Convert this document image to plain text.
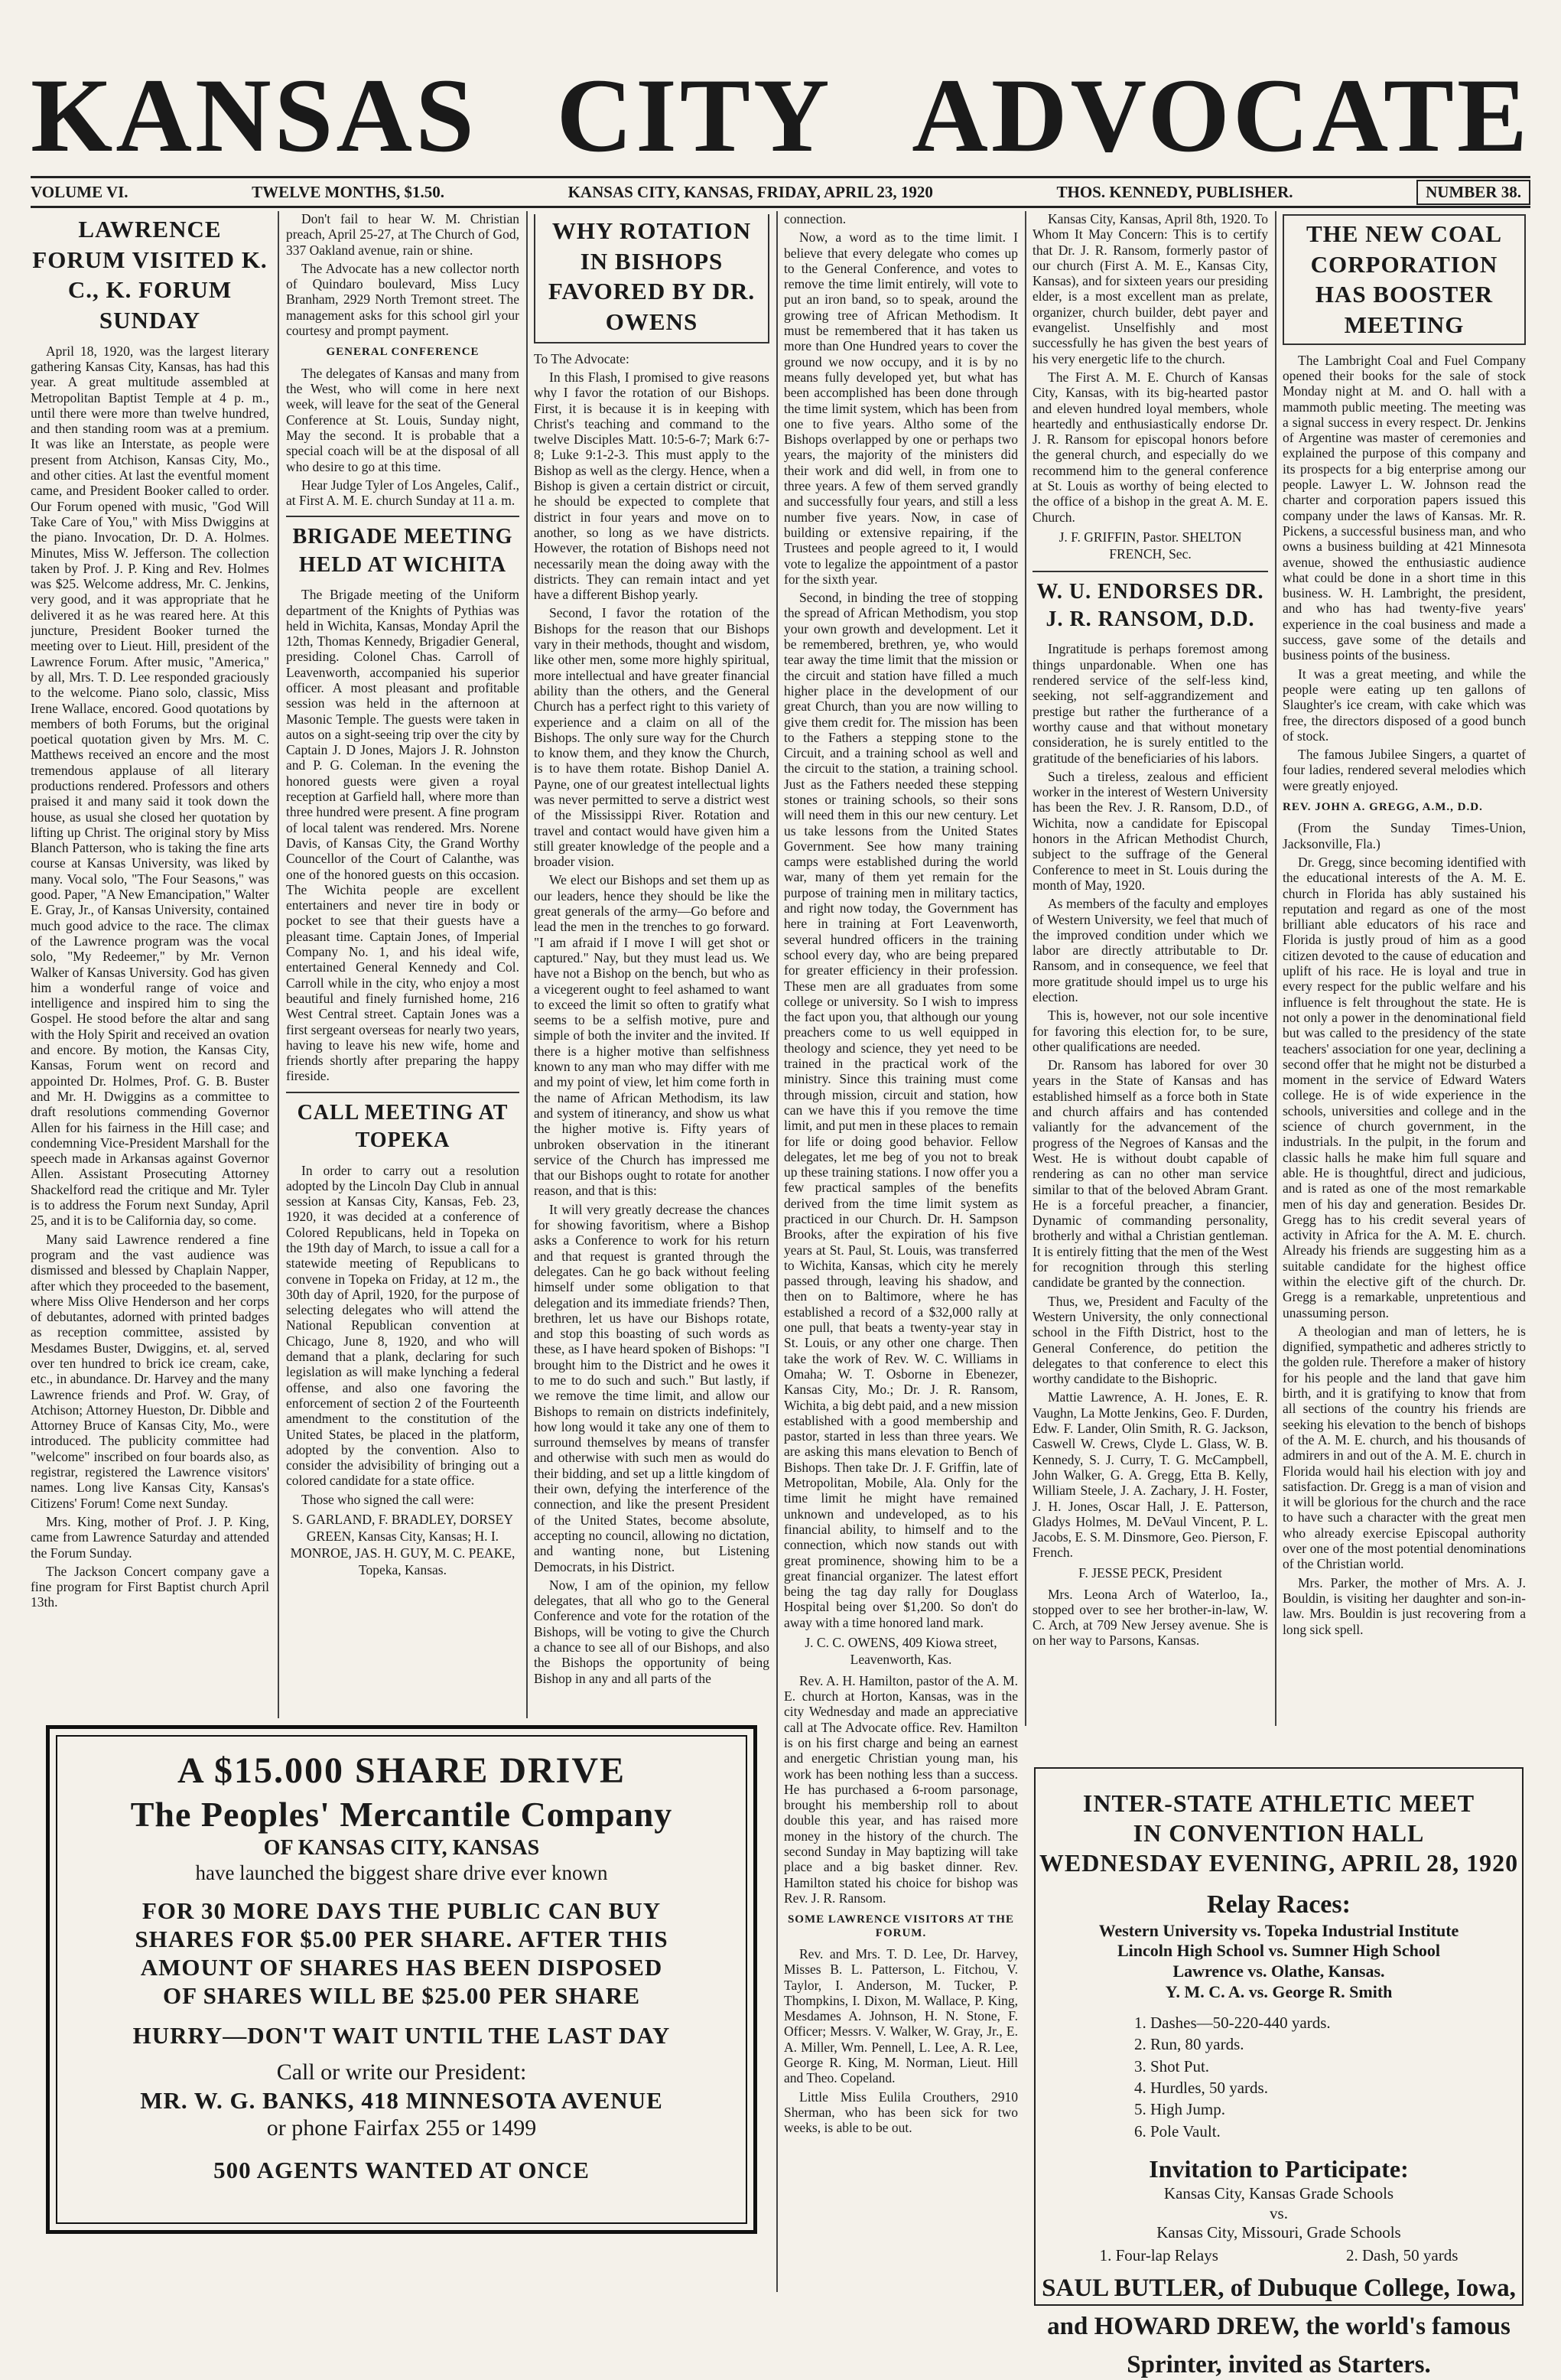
KANSAS CITY ADVOCATE
VOLUME VI.	TWELVE MONTHS, $1.50.	KANSAS CITY, KANSAS, FRIDAY, APRIL 23, 1920	THOS. KENNEDY, PUBLISHER.	NUMBER 38.
LAWRENCE FORUM VISITED K. C., K. FORUM SUNDAY

April 18, 1920, was the largest literary gathering Kansas City, Kansas, has had this year. A great multitude assembled at Metropolitan Baptist Temple at 4 p. m., until there were more than twelve hundred, and then standing room was at a premium. It was like an Interstate, as people were present from Atchison, Kansas City, Mo., and other cities. At last the eventful moment came, and President Booker called to order. Our Forum opened with music, "God Will Take Care of You," with Miss Dwiggins at the piano. Invocation, Dr. D. A. Holmes. Minutes, Miss W. Jefferson. The collection taken by Prof. J. P. King and Rev. Holmes was $25. Welcome address, Mr. C. Jenkins, very good, and it was appropriate that he delivered it as he was reared here. At this juncture, President Booker turned the meeting over to Lieut. Hill, president of the Lawrence Forum. After music, "America," by all, Mrs. T. D. Lee responded graciously to the welcome. Piano solo, classic, Miss Irene Wallace, encored. Good quotations by members of both Forums, but the original poetical quotation given by Mrs. M. C. Matthews received an encore and the most tremendous applause of all literary productions rendered. Professors and others praised it and many said it took down the house, as usual she closed her quotation by lifting up Christ. The original story by Miss Blanch Patterson, who is taking the fine arts course at Kansas University, was liked by many. Vocal solo, "The Four Seasons," was good. Paper, "A New Emancipation," Walter E. Gray, Jr., of Kansas University, contained much good advice to the race. The climax of the Lawrence program was the vocal solo, "My Redeemer," by Mr. Vernon Walker of Kansas University. God has given him a wonderful range of voice and intelligence and inspired him to sing the Gospel. He stood before the altar and sang with the Holy Spirit and received an ovation and encore. By motion, the Kansas City, Kansas, Forum went on record and appointed Dr. Holmes, Prof. G. B. Buster and Mr. H. Dwiggins as a committee to draft resolutions commending Governor Allen for his fairness in the Hill case; and condemning Vice-President Marshall for the speech made in Arkansas against Governor Allen. Assistant Prosecuting Attorney Shackelford read the critique and Mr. Tyler is to address the Forum next Sunday, April 25, and it is to be California day, so come.

Many said Lawrence rendered a fine program and the vast audience was dismissed and blessed by Chaplain Napper, after which they proceeded to the basement, where Miss Olive Henderson and her corps of debutantes, adorned with printed badges as reception committee, assisted by Mesdames Buster, Dwiggins, et. al, served over ten hundred to brick ice cream, cake, etc., in abundance. Dr. Harvey and the many Lawrence friends and Prof. W. Gray, of Atchison; Attorney Hueston, Dr. Dibble and Attorney Bruce of Kansas City, Mo., were introduced. The publicity committee had "welcome" inscribed on four boards also, as registrar, registered the Lawrence visitors' names. Long live Kansas City, Kansas's Citizens' Forum! Come next Sunday.

Mrs. King, mother of Prof. J. P. King, came from Lawrence Saturday and attended the Forum Sunday.

The Jackson Concert company gave a fine program for First Baptist church April 13th.

Don't fail to hear W. M. Christian preach, April 25-27, at The Church of God, 337 Oakland avenue, rain or shine.

The Advocate has a new collector north of Quindaro boulevard, Miss Lucy Branham, 2929 North Tremont street. The management asks for this school girl your courtesy and prompt payment.

GENERAL CONFERENCE

The delegates of Kansas and many from the West, who will come in here next week, will leave for the seat of the General Conference at St. Louis, Sunday night, May the second. It is probable that a special coach will be at the disposal of all who desire to go at this time.

Hear Judge Tyler of Los Angeles, Calif., at First A. M. E. church Sunday at 11 a. m.

BRIGADE MEETING HELD AT WICHITA

The Brigade meeting of the Uniform department of the Knights of Pythias was held in Wichita, Kansas, Monday April the 12th, Thomas Kennedy, Brigadier General, presiding. Colonel Chas. Carroll of Leavenworth, accompanied his superior officer. A most pleasant and profitable session was held in the afternoon at Masonic Temple. The guests were taken in autos on a sight-seeing trip over the city by Captain J. D Jones, Majors J. R. Johnston and P. G. Coleman. In the evening the honored guests were given a royal reception at Garfield hall, where more than three hundred were present. A fine program of local talent was rendered. Mrs. Norene Davis, of Kansas City, the Grand Worthy Councellor of the Court of Calanthe, was one of the honored guests on this occasion. The Wichita people are excellent entertainers and never tire in body or pocket to see that their guests have a pleasant time. Captain Jones, of Imperial Company No. 1, and his ideal wife, entertained General Kennedy and Col. Carroll while in the city, who enjoy a most beautiful and finely furnished home, 216 West Central street. Captain Jones was a first sergeant overseas for nearly two years, having to leave his new wife, home and friends shortly after preparing the happy fireside.

CALL MEETING AT TOPEKA

In order to carry out a resolution adopted by the Lincoln Day Club in annual session at Kansas City, Kansas, Feb. 23, 1920, it was decided at a conference of Colored Republicans, held in Topeka on the 19th day of March, to issue a call for a statewide meeting of Republicans to convene in Topeka on Friday, at 12 m., the 30th day of April, 1920, for the purpose of selecting delegates who will attend the National Republican convention at Chicago, June 8, 1920, and who will demand that a plank, declaring for such legislation as will make lynching a federal offense, and also one favoring the enforcement of section 2 of the Fourteenth amendment to the constitution of the United States, be placed in the platform, adopted by the convention. Also to consider the advisibility of bringing out a colored candidate for a state office.

Those who signed the call were:

S. GARLAND, F. BRADLEY, DORSEY GREEN, Kansas City, Kansas; H. I. MONROE, JAS. H. GUY, M. C. PEAKE, Topeka, Kansas.
WHY ROTATION IN BISHOPS FAVORED BY DR. OWENS

To The Advocate:

In this Flash, I promised to give reasons why I favor the rotation of our Bishops. First, it is because it is in keeping with Christ's teaching and command to the twelve Disciples Matt. 10:5-6-7; Mark 6:7-8; Luke 9:1-2-3. This must apply to the Bishop as well as the clergy. Hence, when a Bishop is given a certain district or circuit, he should be expected to complete that district in four years and move on to another, so long as we have districts. However, the rotation of Bishops need not necessarily mean the doing away with the districts. They can remain intact and yet have a different Bishop yearly.

Second, I favor the rotation of the Bishops for the reason that our Bishops vary in their methods, thought and wisdom, like other men, some more highly spiritual, more intellectual and have greater financial ability than the others, and the General Church has a perfect right to this variety of experience and a claim on all of the Bishops. The only sure way for the Church to know them, and they know the Church, is to have them rotate. Bishop Daniel A. Payne, one of our greatest intellectual lights was never permitted to serve a district west of the Mississippi River. Rotation and travel and contact would have given him a still greater knowledge of the people and a broader vision.

We elect our Bishops and set them up as our leaders, hence they should be like the great generals of the army—Go before and lead the men in the trenches to go forward. "I am afraid if I move I will get shot or captured." Nay, but they must lead us. We have not a Bishop on the bench, but who as a vicegerent ought to feel ashamed to want to exceed the limit so often to gratify what seems to be a selfish motive, pure and simple of both the inviter and the invited. If there is a higher motive than selfishness known to any man who may differ with me and my point of view, let him come forth in the name of African Methodism, its law and system of itinerancy, and show us what the higher motive is. Fifty years of unbroken observation in the itinerant service of the Church has impressed me that our Bishops ought to rotate for another reason, and that is this:

It will very greatly decrease the chances for showing favoritism, where a Bishop asks a Conference to work for his return and that request is granted through the delegates. Can he go back without feeling himself under some obligation to that delegation and its immediate friends? Then, brethren, let us have our Bishops rotate, and stop this boasting of such words as these, as I have heard spoken of Bishops: "I brought him to the District and he owes it to me to do such and such." But lastly, if we remove the time limit, and allow our Bishops to remain on districts indefinitely, how long would it take any one of them to surround themselves by means of transfer and otherwise with such men as would do their bidding, and set up a little kingdom of their own, defying the interference of the connection, and like the present President of the United States, become absolute, accepting no council, allowing no dictation, and wanting none, but Listening Democrats, in his District.

Now, I am of the opinion, my fellow delegates, that all who go to the General Conference and vote for the rotation of the Bishops, will be voting to give the Church a chance to see all of our Bishops, and also the Bishops the opportunity of being Bishop in any and all parts of the

connection.

Now, a word as to the time limit. I believe that every delegate who comes up to the General Conference, and votes to remove the time limit entirely, will vote to put an iron band, so to speak, around the growing tree of African Methodism. It must be remembered that it has taken us more than One Hundred years to cover the ground we now occupy, and it is by no means fully developed yet, but what has been accomplished has been done through the time limit system, which has been from one to five years. Altho some of the Bishops overlapped by one or perhaps two years, the majority of the ministers did their work and did well, in from one to three years. A few of them served grandly and successfully four years, and still a less number five years. Now, in case of building or extensive repairing, if the Trustees and people agreed to it, I would vote to legalize the appointment of a pastor for the sixth year.

Second, in binding the tree of stopping the spread of African Methodism, you stop your own growth and development. Let it be remembered, brethren, ye, who would tear away the time limit that the mission or the circuit and station have filled a much higher place in the development of our great Church, than you are now willing to give them credit for. The mission has been to the Fathers a stepping stone to the Circuit, and a training school as well and the circuit to the station, a training school. Just as the Fathers needed these stepping stones or training schools, so their sons will need them in this our new century. Let us take lessons from the United States Government. See how many training camps were established during the world war, many of them yet remain for the purpose of training men in military tactics, and right now today, the Government has here in training at Fort Leavenworth, several hundred officers in the training school every day, who are being prepared for greater efficiency in their profession. These men are all graduates from some college or university. So I wish to impress the fact upon you, that although our young preachers come to us well equipped in theology and science, they yet need to be trained in the practical work of the ministry. Since this training must come through mission, circuit and station, how can we have this if you remove the time limit, and put men in these places to remain for life or doing good behavior. Fellow delegates, let me beg of you not to break up these training stations. I now offer you a few practical samples of the benefits derived from the time limit system as practiced in our Church. Dr. H. Sampson Brooks, after the expiration of his five years at St. Paul, St. Louis, was transferred to Wichita, Kansas, which city he merely passed through, leaving his shadow, and then on to Baltimore, where he has established a record of a $32,000 rally at one pull, that beats a twenty-year stay in St. Louis, or any other one charge. Then take the work of Rev. W. C. Williams in Omaha; W. T. Osborne in Ebenezer, Kansas City, Mo.; Dr. J. R. Ransom, Wichita, a big debt paid, and a new mission established with a good membership and pastor, started in less than three years. We are asking this mans elevation to Bench of Bishops. Then take Dr. J. F. Griffin, late of Metropolitan, Mobile, Ala. Only for the time limit he might have remained unknown and undeveloped, as to his financial ability, to himself and to the connection, which now stands out with great prominence, showing him to be a great financial organizer. The latest effort being the tag day rally for Douglass Hospital being over $1,200. So don't do away with a time honored land mark.

J. C. C. OWENS, 409 Kiowa street, Leavenworth, Kas.

Rev. A. H. Hamilton, pastor of the A. M. E. church at Horton, Kansas, was in the city Wednesday and made an appreciative call at The Advocate office. Rev. Hamilton is on his first charge and being an earnest and energetic Christian young man, his work has been nothing less than a success. He has purchased a 6-room parsonage, brought his membership roll to about double this year, and has raised more money in the history of the church. The second Sunday in May baptizing will take place and a big basket dinner. Rev. Hamilton stated his choice for bishop was Rev. J. R. Ransom.

SOME LAWRENCE VISITORS AT THE FORUM.

Rev. and Mrs. T. D. Lee, Dr. Harvey, Misses B. L. Patterson, L. Fitchou, V. Taylor, I. Anderson, M. Tucker, P. Thompkins, I. Dixon, M. Wallace, P. King, Mesdames A. Johnson, H. N. Stone, F. Officer; Messrs. V. Walker, W. Gray, Jr., E. A. Miller, Wm. Pennell, L. Lee, A. R. Lee, George R. King, M. Norman, Lieut. Hill and Theo. Copeland.

Little Miss Eulila Crouthers, 2910 Sherman, who has been sick for two weeks, is able to be out.

Kansas City, Kansas, April 8th, 1920. To Whom It May Concern: This is to certify that Dr. J. R. Ransom, formerly pastor of our church (First A. M. E., Kansas City, Kansas), and for sixteen years our presiding elder, is a most excellent man as prelate, organizer, church builder, debt payer and evangelist. Unselfishly and most successfully he has given the best years of his very energetic life to the church.

The First A. M. E. Church of Kansas City, Kansas, with its big-hearted pastor and eleven hundred loyal members, whole heartedly and enthusiastically endorse Dr. J. R. Ransom for episcopal honors before the general church, and especially do we recommend him to the general conference at St. Louis as worthy of being elected to the office of a bishop in the great A. M. E. Church.

J. F. GRIFFIN, Pastor. SHELTON FRENCH, Sec.
W. U. ENDORSES DR. J. R. RANSOM, D.D.

Ingratitude is perhaps foremost among things unpardonable. When one has rendered service of the self-less kind, seeking, not self-aggrandizement and prestige but rather the furtherance of a worthy cause and that without monetary consideration, he is surely entitled to the gratitude of the beneficiaries of his labors.

Such a tireless, zealous and efficient worker in the interest of Western University has been the Rev. J. R. Ransom, D.D., of Wichita, now a candidate for Episcopal honors in the African Methodist Church, subject to the suffrage of the General Conference to meet in St. Louis during the month of May, 1920.

As members of the faculty and employes of Western University, we feel that much of the improved condition under which we labor are directly attributable to Dr. Ransom, and in consequence, we feel that more gratitude should impel us to urge his election.

This is, however, not our sole incentive for favoring this election for, to be sure, other qualifications are needed.

Dr. Ransom has labored for over 30 years in the State of Kansas and has established himself as a force both in State and church affairs and has contended valiantly for the advancement of the progress of the Negroes of Kansas and the West. He is without doubt capable of rendering as can no other man service similar to that of the beloved Abram Grant. He is a forceful preacher, a financier, Dynamic of commanding personality, brotherly and withal a Christian gentleman. It is entirely fitting that the men of the West for recognition through this sterling candidate be granted by the connection.

Thus, we, President and Faculty of the Western University, the only connectional school in the Fifth District, host to the General Conference, do petition the delegates to that conference to elect this worthy candidate to the Bishopric.

Mattie Lawrence, A. H. Jones, E. R. Vaughn, La Motte Jenkins, Geo. F. Durden, Edw. F. Lander, Olin Smith, R. G. Jackson, Caswell W. Crews, Clyde L. Glass, W. B. Kennedy, S. J. Curry, T. G. McCampbell, John Walker, G. A. Gregg, Etta B. Kelly, William Steele, J. A. Zachary, J. H. Foster, J. H. Jones, Oscar Hall, J. E. Patterson, Gladys Holmes, M. DeVaul Vincent, P. L. Jacobs, E. S. M. Dinsmore, Geo. Pierson, F. French.

F. JESSE PECK, President

Mrs. Leona Arch of Waterloo, Ia., stopped over to see her brother-in-law, W. C. Arch, at 709 New Jersey avenue. She is on her way to Parsons, Kansas.

THE NEW COAL CORPORATION HAS BOOSTER MEETING

The Lambright Coal and Fuel Company opened their books for the sale of stock Monday night at M. and O. hall with a mammoth public meeting. The meeting was a signal success in every respect. Dr. Jenkins of Argentine was master of ceremonies and explained the purpose of this company and its prospects for a big enterprise among our people. Lawyer L. W. Johnson read the charter and corporation papers issued this company under the laws of Kansas. Mr. R. Pickens, a successful business man, and who owns a business building at 421 Minnesota avenue, showed the enthusiastic audience what could be done in a short time in this business. W. H. Lambright, the president, and who has had twenty-five years' experience in the coal business and made a success, gave some of the details and business points of the business.

It was a great meeting, and while the people were eating up ten gallons of Slaughter's ice cream, with cake which was free, the directors disposed of a good bunch of stock.

The famous Jubilee Singers, a quartet of four ladies, rendered several melodies which were greatly enjoyed.

REV. JOHN A. GREGG, A.M., D.D.

(From the Sunday Times-Union, Jacksonville, Fla.)

Dr. Gregg, since becoming identified with the educational interests of the A. M. E. church in Florida has ably sustained his reputation and regard as one of the most brilliant able educators of his race and Florida is justly proud of him as a good citizen devoted to the cause of education and uplift of his race. He is loyal and true in every respect for the public welfare and his influence is felt throughout the state. He is not only a power in the denominational field but was called to the presidency of the state teachers' association for one year, declining a second offer that he might not be disturbed a moment in the service of Edward Waters college. He is of wide experience in the schools, universities and college and in the science of church government, in the industrials. In the pulpit, in the forum and classic halls he make him full square and able. He is thoughtful, direct and judicious, and is rated as one of the most remarkable men of his day and generation. Besides Dr. Gregg has to his credit several years of activity in Africa for the A. M. E. church. Already his friends are suggesting him as a suitable candidate for the highest office within the elective gift of the church. Dr. Gregg is a remarkable, unpretentious and unassuming person.

A theologian and man of letters, he is dignified, sympathetic and adheres strictly to the golden rule. Therefore a maker of history for his people and the land that gave him birth, and it is gratifying to know that from all sections of the country his friends are seeking his elevation to the bench of bishops of the A. M. E. church, and his thousands of admirers in and out of the A. M. E. church in Florida would hail his election with joy and satisfaction. Dr. Gregg is a man of vision and it will be glorious for the church and the race to have such a character with the great men who already exercise Episcopal authority over one of the most potential denominations of the Christian world.

Mrs. Parker, the mother of Mrs. A. J. Bouldin, is visiting her daughter and son-in-law. Mrs. Bouldin is just recovering from a long sick spell.

A $15.000 SHARE DRIVE
The Peoples' Mercantile Company
OF KANSAS CITY, KANSAS
have launched the biggest share drive ever known
FOR 30 MORE DAYS THE PUBLIC CAN BUY
SHARES FOR $5.00 PER SHARE. AFTER THIS
AMOUNT OF SHARES HAS BEEN DISPOSED
OF SHARES WILL BE $25.00 PER SHARE
HURRY—DON'T WAIT UNTIL THE LAST DAY
Call or write our President:
MR. W. G. BANKS, 418 MINNESOTA AVENUE
or phone Fairfax 255 or 1499
500 AGENTS WANTED AT ONCE
INTER-STATE ATHLETIC MEET
IN CONVENTION HALL
WEDNESDAY EVENING, APRIL 28, 1920
Relay Races:
Western University vs. Topeka Industrial Institute
Lincoln High School vs. Sumner High School
Lawrence vs. Olathe, Kansas.
Y. M. C. A. vs. George R. Smith
1. Dashes—50-220-440 yards.
2. Run, 80 yards.
3. Shot Put.
4. Hurdles, 50 yards.
5. High Jump.
6. Pole Vault.
Invitation to Participate:
Kansas City, Kansas Grade Schools
vs.
Kansas City, Missouri, Grade Schools
1. Four-lap Relays	2. Dash, 50 yards
SAUL BUTLER, of Dubuque College, Iowa,
and HOWARD DREW, the world's famous
Sprinter, invited as Starters.
